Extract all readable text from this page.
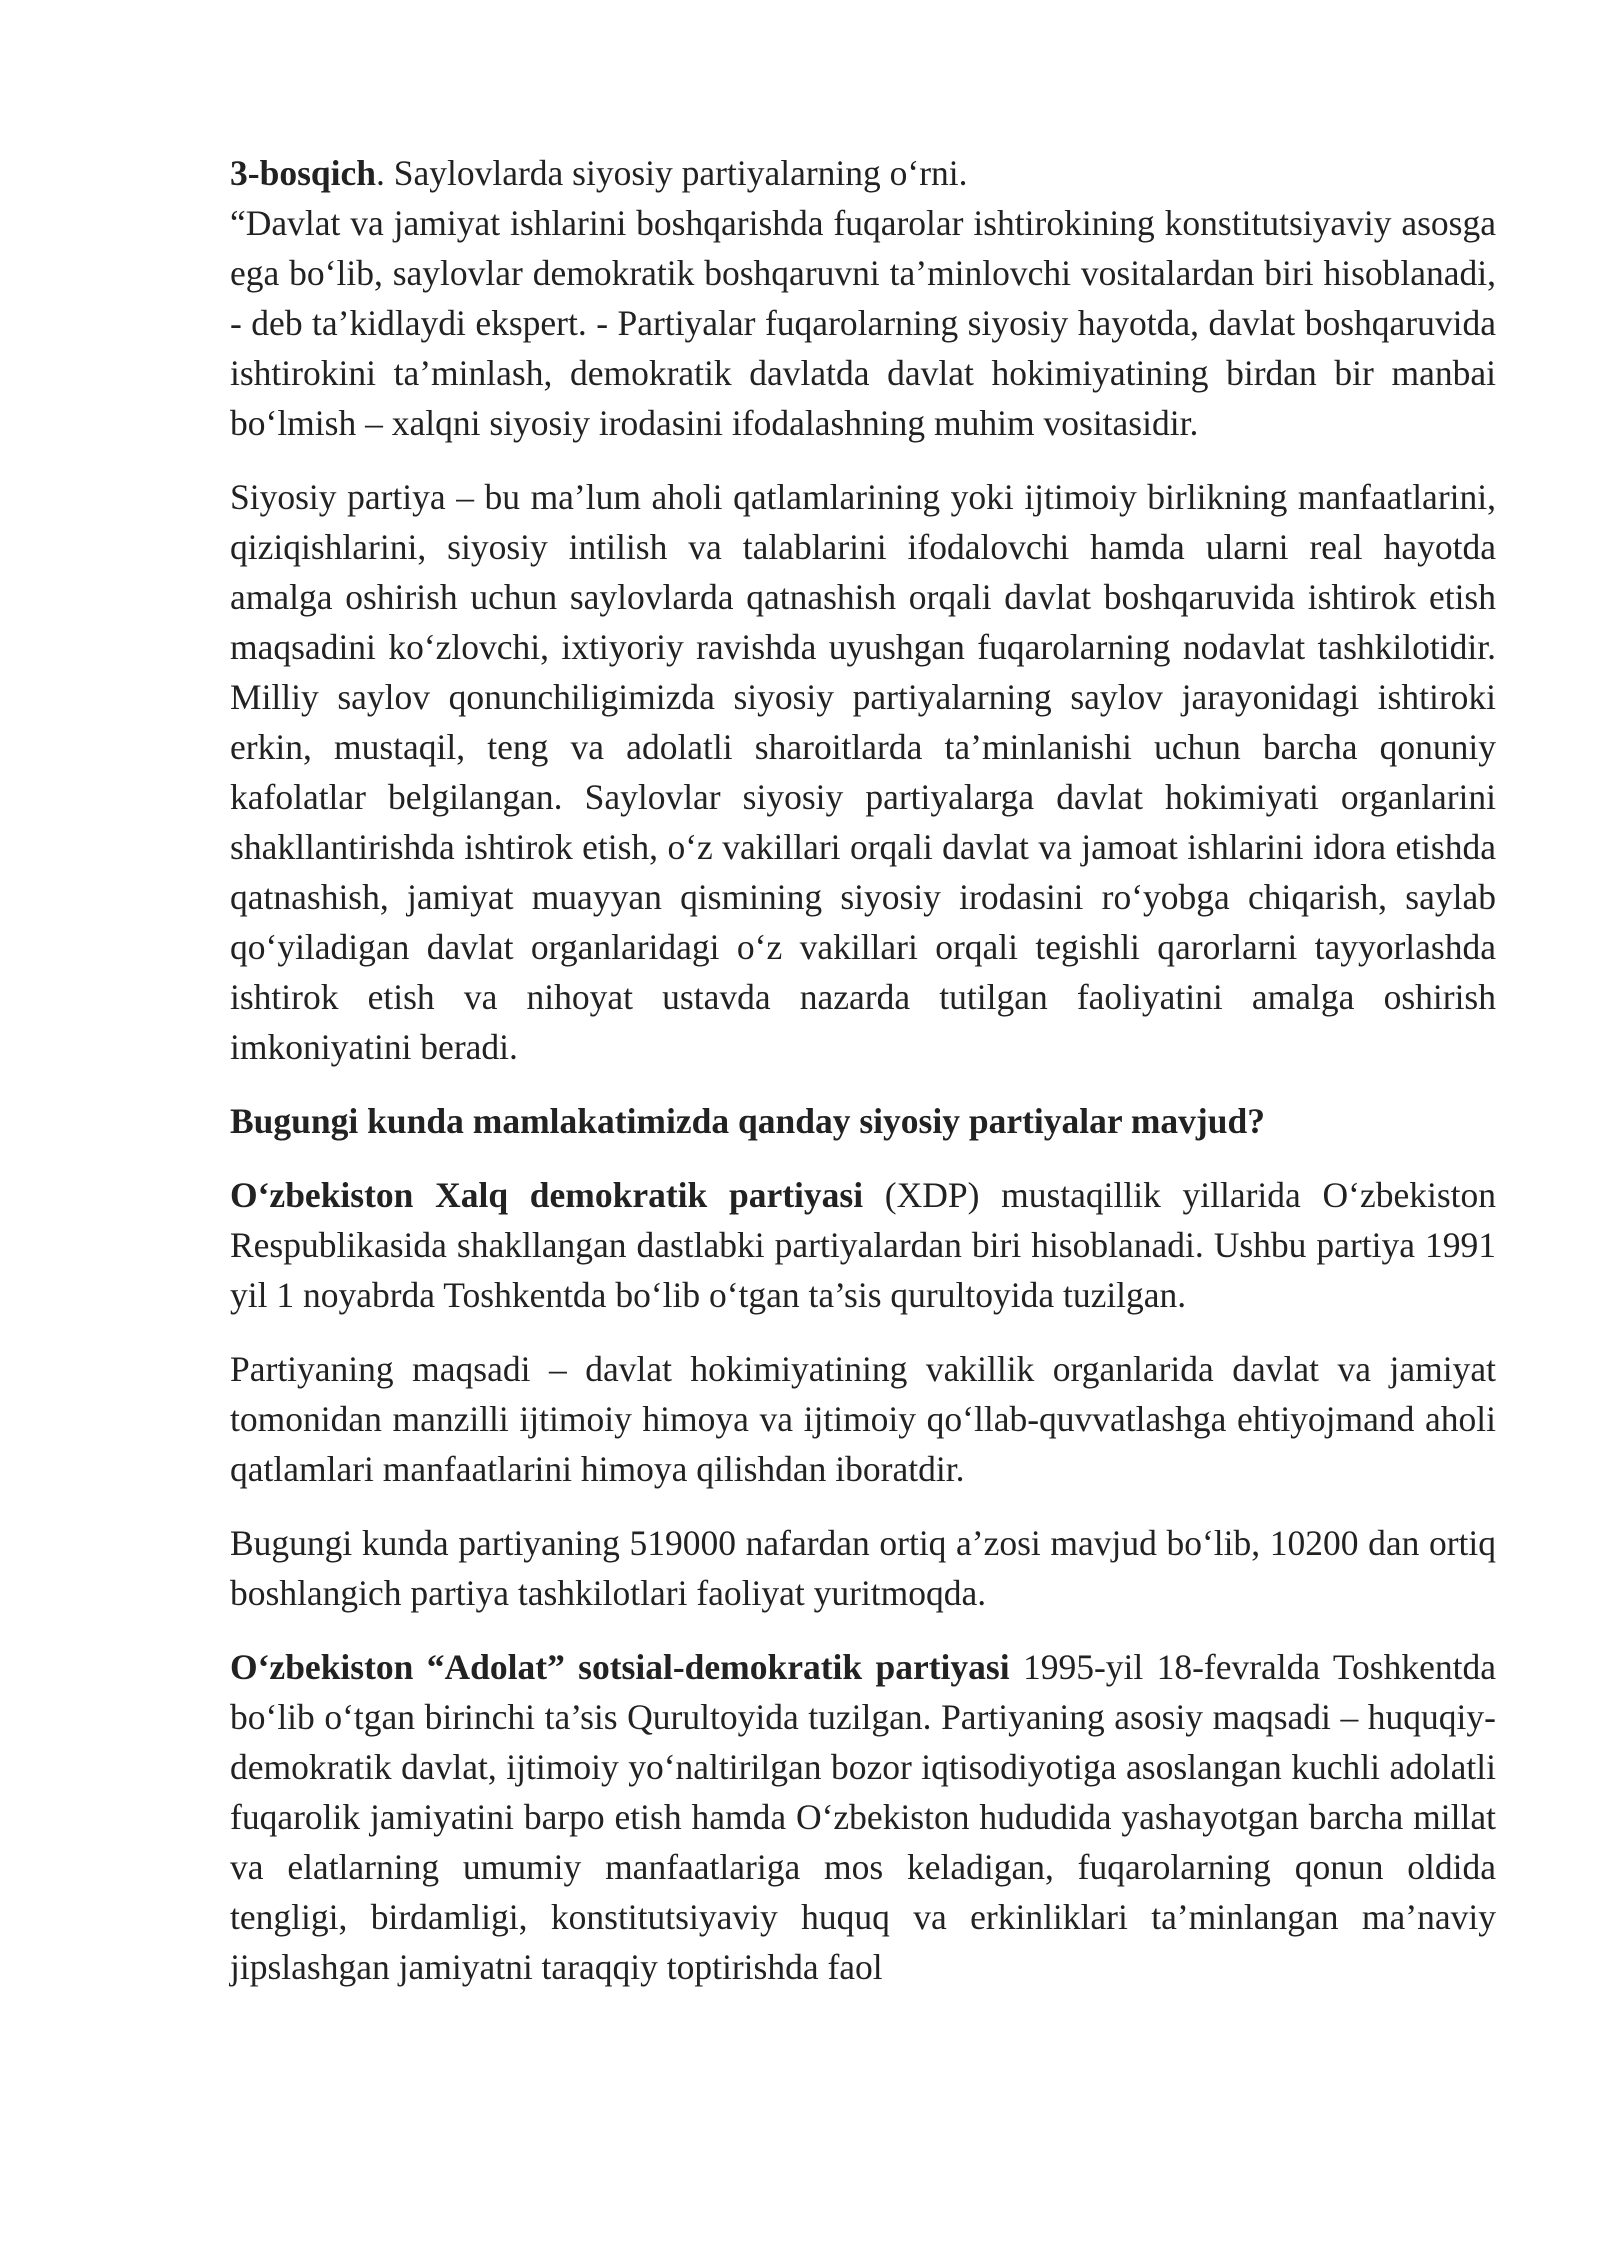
3-bosqich. Saylovlarda siyosiy partiyalarning o‘rni.

“Davlat va jamiyat ishlarini boshqarishda fuqarolar ishtirokining konstitutsiyaviy asosga ega bo‘lib, saylovlar demokratik boshqaruvni ta’minlovchi vositalardan biri hisoblanadi, - deb ta’kidlaydi ekspert. - Partiyalar fuqarolarning siyosiy hayotda, davlat boshqaruvida ishtirokini ta’minlash, demokratik davlatda davlat hokimiyatining birdan bir manbai bo‘lmish – xalqni siyosiy irodasini ifodalashning muhim vositasidir.

Siyosiy partiya – bu ma’lum aholi qatlamlarining yoki ijtimoiy birlikning manfaatlarini, qiziqishlarini, siyosiy intilish va talablarini ifodalovchi hamda ularni real hayotda amalga oshirish uchun saylovlarda qatnashish orqali davlat boshqaruvida ishtirok etish maqsadini ko‘zlovchi, ixtiyoriy ravishda uyushgan fuqarolarning nodavlat tashkilotidir. Milliy saylov qonunchiligimizda siyosiy partiyalarning saylov jarayonidagi ishtiroki erkin, mustaqil, teng va adolatli sharoitlarda ta’minlanishi uchun barcha qonuniy kafolatlar belgilangan. Saylovlar siyosiy partiyalarga davlat hokimiyati organlarini shakllantirishda ishtirok etish, o‘z vakillari orqali davlat va jamoat ishlarini idora etishda qatnashish, jamiyat muayyan qismining siyosiy irodasini ro‘yobga chiqarish, saylab qo‘yiladigan davlat organlaridagi o‘z vakillari orqali tegishli qarorlarni tayyorlashda ishtirok etish va nihoyat ustavda nazarda tutilgan faoliyatini amalga oshirish imkoniyatini beradi.

Bugungi kunda mamlakatimizda qanday siyosiy partiyalar mavjud?

O‘zbekiston Xalq demokratik partiyasi (XDP) mustaqillik yillarida O‘zbekiston Respublikasida shakllangan dastlabki partiyalardan biri hisoblanadi. Ushbu partiya 1991 yil 1 noyabrda Toshkentda bo‘lib o‘tgan ta’sis qurultoyida tuzilgan.

Partiyaning maqsadi – davlat hokimiyatining vakillik organlarida davlat va jamiyat tomonidan manzilli ijtimoiy himoya va ijtimoiy qo‘llab-quvvatlashga ehtiyojmand aholi qatlamlari manfaatlarini himoya qilishdan iboratdir.

Bugungi kunda partiyaning 519000 nafardan ortiq a’zosi mavjud bo‘lib, 10200 dan ortiq boshlangich partiya tashkilotlari faoliyat yuritmoqda.

O‘zbekiston “Adolat” sotsial-demokratik partiyasi 1995-yil 18-fevralda Toshkentda bo‘lib o‘tgan birinchi ta’sis Qurultoyida tuzilgan. Partiyaning asosiy maqsadi – huquqiy-demokratik davlat, ijtimoiy yo‘naltirilgan bozor iqtisodiyotiga asoslangan kuchli adolatli fuqarolik jamiyatini barpo etish hamda O‘zbekiston hududida yashayotgan barcha millat va elatlarning umumiy manfaatlariga mos keladigan, fuqarolarning qonun oldida tengligi, birdamligi, konstitutsiyaviy huquq va erkinliklari ta’minlangan ma’naviy jipslashgan jamiyatni taraqqiy toptirishda faol
